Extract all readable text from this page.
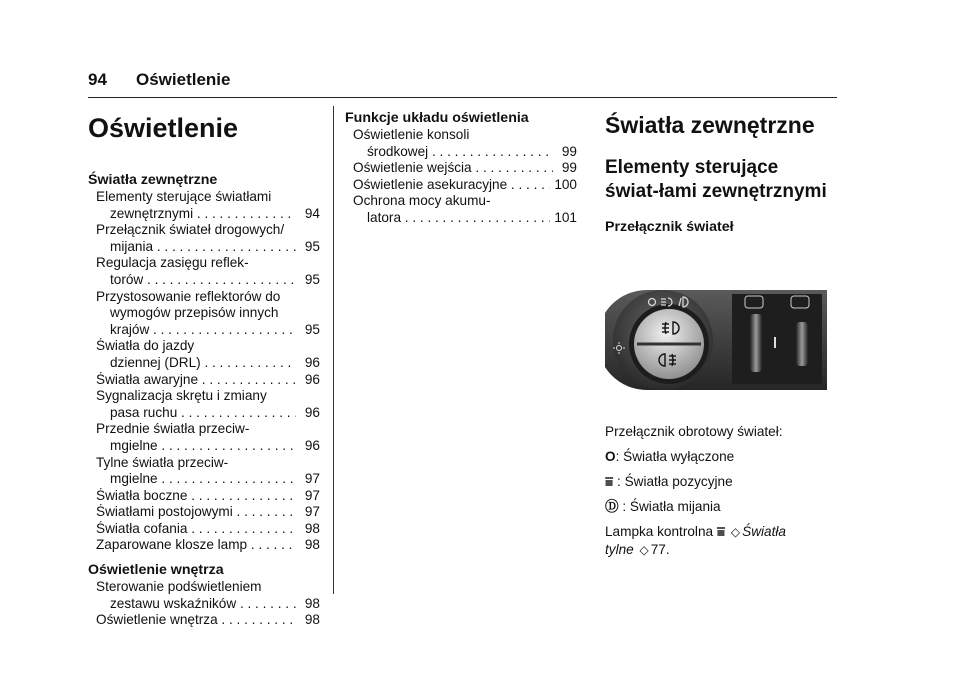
94 Oświetlenie
Oświetlenie
Światła zewnętrzne
Elementy sterujące światłami
zewnętrznymi . . .	94
Przełącznik świateł drogowych/
mijania . . .	95
Regulacja zasięgu reflek-
torów . . .	95
Przystosowanie reflektorów do
wymogów przepisów innych
krajów . . .	95
Światła do jazdy
dziennej (DRL) . . .	96
Światła awaryjne . . .	96
Sygnalizacja skrętu i zmiany
pasa ruchu . . .	96
Przednie światła przeciw-
mgielne . . .	96
Tylne światła przeciw-
mgielne . . .	97
Światła boczne . . .	97
Światłami postojowymi . . .	97
Światła cofania . . .	98
Zaparowane klosze lamp . . .	98
Oświetlenie wnętrza
Sterowanie podświetleniem
zestawu wskaźników . . .	98
Oświetlenie wnętrza . . .	98
Funkcje układu oświetlenia
Oświetlenie konsoli
środkowej . . .	99
Oświetlenie wejścia . . .	99
Oświetlenie asekuracyjne . . .	100
Ochrona mocy akumu-
latora . . .	101
Światła zewnętrzne
Elementy sterujące świat-łami zewnętrznymi
Przełącznik świateł

Przełącznik obrotowy świateł:

O: Światła wyłączone

⩸ : Światła pozycyjne

Ⓓ : Światła mijania

Lampka kontrolna ⩸ ◇ Światła
tylne ◇ 77.
